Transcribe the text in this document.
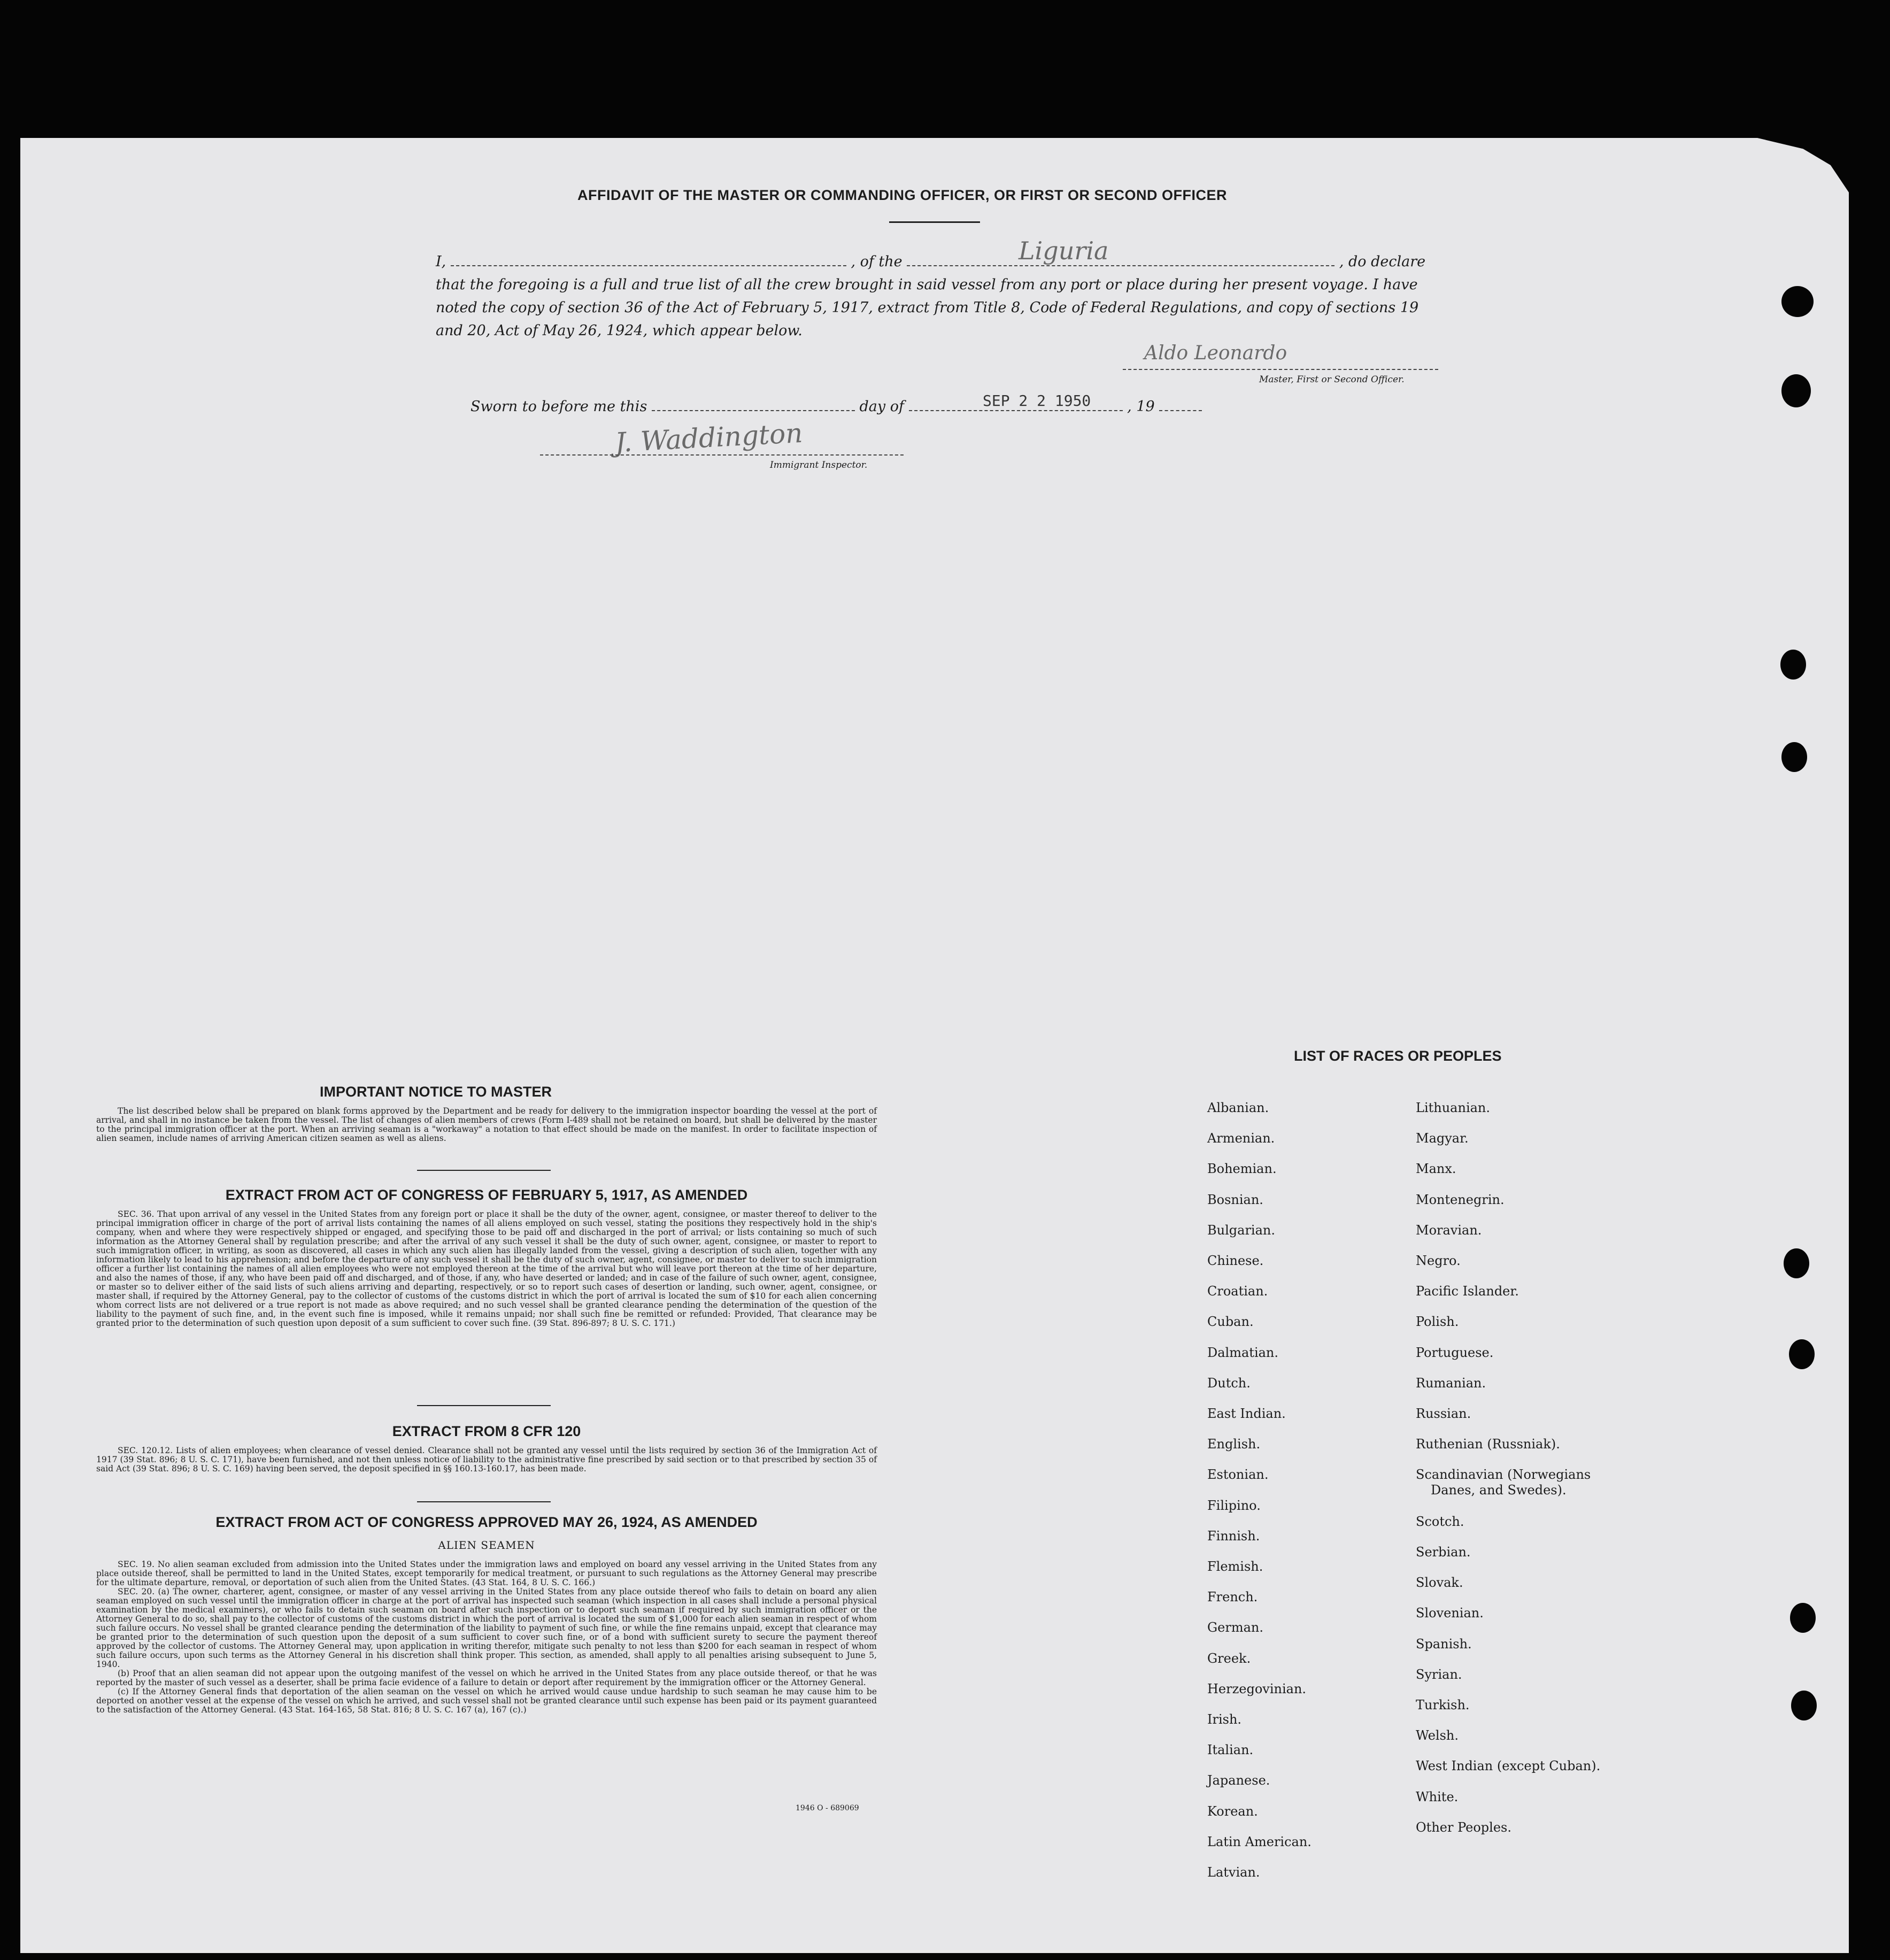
AFFIDAVIT OF THE MASTER OR COMMANDING OFFICER, OR FIRST OR SECOND OFFICER
I,	, of the	, do declare
that the foregoing is a full and true list of all the crew brought in said vessel from any port or place during her present voyage. I have noted the copy of section 36 of the Act of February 5, 1917, extract from Title 8, Code of Federal Regulations, and copy of sections 19 and 20, Act of May 26, 1924, which appear below.
Liguria
Aldo Leonardo
Master, First or Second Officer.
Sworn to before me this	day of	, 19
SEP 2 2 1950
J. Waddington
Immigrant Inspector.
IMPORTANT NOTICE TO MASTER

The list described below shall be prepared on blank forms approved by the Department and be ready for delivery to the immigration inspector boarding the vessel at the port of arrival, and shall in no instance be taken from the vessel. The list of changes of alien members of crews (Form I-489 shall not be retained on board, but shall be delivered by the master to the principal immigration officer at the port. When an arriving seaman is a "workaway" a notation to that effect should be made on the manifest. In order to facilitate inspection of alien seamen, include names of arriving American citizen seamen as well as aliens.

EXTRACT FROM ACT OF CONGRESS OF FEBRUARY 5, 1917, AS AMENDED

SEC. 36. That upon arrival of any vessel in the United States from any foreign port or place it shall be the duty of the owner, agent, consignee, or master thereof to deliver to the principal immigration officer in charge of the port of arrival lists containing the names of all aliens employed on such vessel, stating the positions they respectively hold in the ship's company, when and where they were respectively shipped or engaged, and specifying those to be paid off and discharged in the port of arrival; or lists containing so much of such information as the Attorney General shall by regulation prescribe; and after the arrival of any such vessel it shall be the duty of such owner, agent, consignee, or master to report to such immigration officer, in writing, as soon as discovered, all cases in which any such alien has illegally landed from the vessel, giving a description of such alien, together with any information likely to lead to his apprehension; and before the departure of any such vessel it shall be the duty of such owner, agent, consignee, or master to deliver to such immigration officer a further list containing the names of all alien employees who were not employed thereon at the time of the arrival but who will leave port thereon at the time of her departure, and also the names of those, if any, who have been paid off and discharged, and of those, if any, who have deserted or landed; and in case of the failure of such owner, agent, consignee, or master so to deliver either of the said lists of such aliens arriving and departing, respectively, or so to report such cases of desertion or landing, such owner, agent, consignee, or master shall, if required by the Attorney General, pay to the collector of customs of the customs district in which the port of arrival is located the sum of $10 for each alien concerning whom correct lists are not delivered or a true report is not made as above required; and no such vessel shall be granted clearance pending the determination of the question of the liability to the payment of such fine, and, in the event such fine is imposed, while it remains unpaid; nor shall such fine be remitted or refunded: Provided, That clearance may be granted prior to the determination of such question upon deposit of a sum sufficient to cover such fine. (39 Stat. 896-897; 8 U. S. C. 171.)

EXTRACT FROM 8 CFR 120

SEC. 120.12. Lists of alien employees; when clearance of vessel denied. Clearance shall not be granted any vessel until the lists required by section 36 of the Immigration Act of 1917 (39 Stat. 896; 8 U. S. C. 171), have been furnished, and not then unless notice of liability to the administrative fine prescribed by said section or to that prescribed by section 35 of said Act (39 Stat. 896; 8 U. S. C. 169) having been served, the deposit specified in §§ 160.13-160.17, has been made.

EXTRACT FROM ACT OF CONGRESS APPROVED MAY 26, 1924, AS AMENDED
ALIEN SEAMEN

SEC. 19. No alien seaman excluded from admission into the United States under the immigration laws and employed on board any vessel arriving in the United States from any place outside thereof, shall be permitted to land in the United States, except temporarily for medical treatment, or pursuant to such regulations as the Attorney General may prescribe for the ultimate departure, removal, or deportation of such alien from the United States. (43 Stat. 164, 8 U. S. C. 166.)

SEC. 20. (a) The owner, charterer, agent, consignee, or master of any vessel arriving in the United States from any place outside thereof who fails to detain on board any alien seaman employed on such vessel until the immigration officer in charge at the port of arrival has inspected such seaman (which inspection in all cases shall include a personal physical examination by the medical examiners), or who fails to detain such seaman on board after such inspection or to deport such seaman if required by such immigration officer or the Attorney General to do so, shall pay to the collector of customs of the customs district in which the port of arrival is located the sum of $1,000 for each alien seaman in respect of whom such failure occurs. No vessel shall be granted clearance pending the determination of the liability to payment of such fine, or while the fine remains unpaid, except that clearance may be granted prior to the determination of such question upon the deposit of a sum sufficient to cover such fine, or of a bond with sufficient surety to secure the payment thereof approved by the collector of customs. The Attorney General may, upon application in writing therefor, mitigate such penalty to not less than $200 for each seaman in respect of whom such failure occurs, upon such terms as the Attorney General in his discretion shall think proper. This section, as amended, shall apply to all penalties arising subsequent to June 5, 1940.

(b) Proof that an alien seaman did not appear upon the outgoing manifest of the vessel on which he arrived in the United States from any place outside thereof, or that he was reported by the master of such vessel as a deserter, shall be prima facie evidence of a failure to detain or deport after requirement by the immigration officer or the Attorney General.

(c) If the Attorney General finds that deportation of the alien seaman on the vessel on which he arrived would cause undue hardship to such seaman he may cause him to be deported on another vessel at the expense of the vessel on which he arrived, and such vessel shall not be granted clearance until such expense has been paid or its payment guaranteed to the satisfaction of the Attorney General. (43 Stat. 164-165, 58 Stat. 816; 8 U. S. C. 167 (a), 167 (c).)

1946 O - 689069
LIST OF RACES OR PEOPLES
Albanian.
Armenian.
Bohemian.
Bosnian.
Bulgarian.
Chinese.
Croatian.
Cuban.
Dalmatian.
Dutch.
East Indian.
English.
Estonian.
Filipino.
Finnish.
Flemish.
French.
German.
Greek.
Herzegovinian.
Irish.
Italian.
Japanese.
Korean.
Latin American.
Latvian.
Lithuanian.
Magyar.
Manx.
Montenegrin.
Moravian.
Negro.
Pacific Islander.
Polish.
Portuguese.
Rumanian.
Russian.
Ruthenian (Russniak).
Scandinavian (Norwegians
Danes, and Swedes).
Scotch.
Serbian.
Slovak.
Slovenian.
Spanish.
Syrian.
Turkish.
Welsh.
West Indian (except Cuban).
White.
Other Peoples.
